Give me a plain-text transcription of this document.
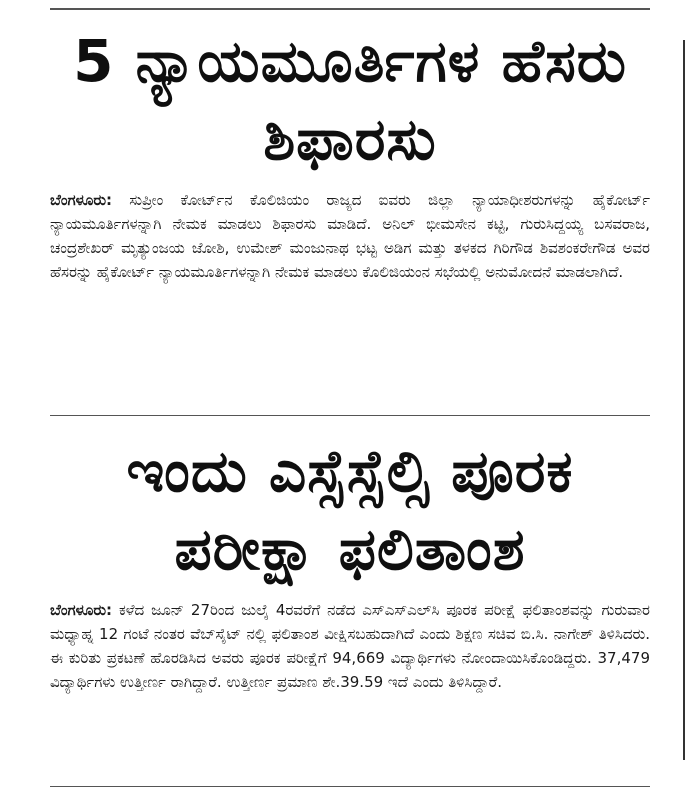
5 ನ್ಯಾಯಮೂರ್ತಿಗಳ ಹೆಸರು ಶಿಫಾರಸು

ಬೆಂಗಳೂರು: ಸುಪ್ರೀಂ ಕೋರ್ಟ್‌ನ ಕೊಲಿಜಿಯಂ ರಾಜ್ಯದ ಐವರು ಜಿಲ್ಲಾ ನ್ಯಾಯಾಧೀಶರುಗಳನ್ನು ಹೈಕೋರ್ಟ್ ನ್ಯಾಯಮೂರ್ತಿಗಳನ್ನಾಗಿ ನೇಮಕ ಮಾಡಲು ಶಿಫಾರಸು ಮಾಡಿದೆ. ಅನಿಲ್ ಭೀಮಸೇನ ಕಟ್ಟಿ, ಗುರುಸಿದ್ದಯ್ಯ ಬಸವರಾಜ, ಚಂದ್ರಶೇಖರ್ ಮೃತ್ಯುಂಜಯ ಜೋಶಿ, ಉಮೇಶ್ ಮಂಜುನಾಥ ಭಟ್ಟ ಅಡಿಗ ಮತ್ತು ತಳಕದ ಗಿರಿಗೌಡ ಶಿವಶಂಕರೇಗೌಡ ಅವರ ಹೆಸರನ್ನು ಹೈಕೋರ್ಟ್ ನ್ಯಾಯಮೂರ್ತಿಗಳನ್ನಾಗಿ ನೇಮಕ ಮಾಡಲು ಕೊಲಿಜಿಯಂನ ಸಭೆಯಲ್ಲಿ ಅನುಮೋದನೆ ಮಾಡಲಾಗಿದೆ.

ಇಂದು ಎಸ್ಸೆಸ್ಸೆಲ್ಸಿ ಪೂರಕ ಪರೀಕ್ಷಾ ಫಲಿತಾಂಶ

ಬೆಂಗಳೂರು: ಕಳೆದ ಜೂನ್ 27ರಿಂದ ಜುಲೈ 4ರವರೆಗೆ ನಡೆದ ಎಸ್‌ಎಸ್‌ಎಲ್‌ಸಿ ಪೂರಕ ಪರೀಕ್ಷೆ ಫಲಿತಾಂಶವನ್ನು ಗುರುವಾರ ಮಧ್ಯಾಹ್ನ 12 ಗಂಟೆ ನಂತರ ವೆಬ್‌ಸೈಟ್ ನಲ್ಲಿ ಫಲಿತಾಂಶ ವೀಕ್ಷಿಸಬಹುದಾಗಿದೆ ಎಂದು ಶಿಕ್ಷಣ ಸಚಿವ ಬಿ.ಸಿ. ನಾಗೇಶ್ ತಿಳಿಸಿದರು. ಈ ಕುರಿತು ಪ್ರಕಟಣೆ ಹೊರಡಿಸಿದ ಅವರು ಪೂರಕ ಪರೀಕ್ಷೆಗೆ 94,669 ವಿದ್ಯಾರ್ಥಿಗಳು ನೋಂದಾಯಿಸಿಕೊಂಡಿದ್ದರು. 37,479 ವಿದ್ಯಾರ್ಥಿಗಳು ಉತ್ತೀರ್ಣ ರಾಗಿದ್ದಾರೆ. ಉತ್ತೀರ್ಣ ಪ್ರಮಾಣ ಶೇ.39.59 ಇದೆ ಎಂದು ತಿಳಿಸಿದ್ದಾರೆ.
